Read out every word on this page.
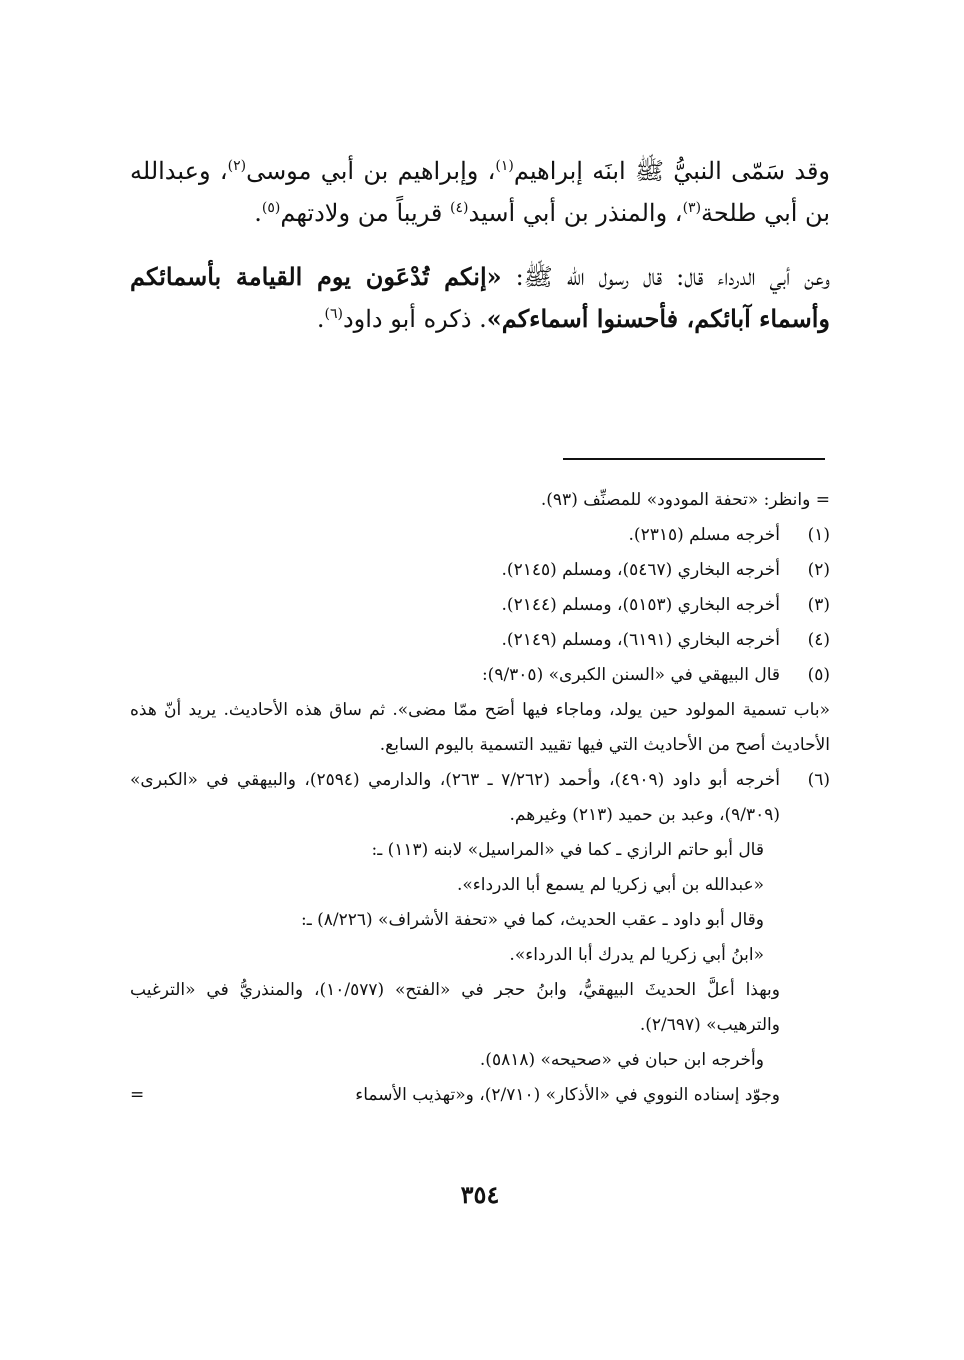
وقد سَمّى النبيُّ ﷺ ابنَه إبراهيم$^{(١)}$، وإبراهيم بن أبي موسى$^{(٢)}$، وعبدالله بن أبي طلحة$^{(٣)}$، والمنذر بن أبي أسيد$^{(٤)}$ قريباً من ولادتهم$^{(٥)}$.

وعن أبي الدرداء قال: قال رسول الله ﷺ: «إنكم تُدْعَون يوم القيامة بأسمائكم وأسماء آبائكم، فأحسنوا أسماءكم». ذكره أبو داود$^{(٦)}$.

= وانظر: «تحفة المودود» للمصنِّف (٩٣).
(١)
أخرجه مسلم (٢٣١٥).
(٢)
أخرجه البخاري (٥٤٦٧)، ومسلم (٢١٤٥).
(٣)
أخرجه البخاري (٥١٥٣)، ومسلم (٢١٤٤).
(٤)
أخرجه البخاري (٦١٩١)، ومسلم (٢١٤٩).
(٥)
قال البيهقي في «السنن الكبرى» (٩/٣٠٥):
«باب تسمية المولود حين يولد، وماجاء فيها أصَح ممّا مضى». ثم ساق هذه الأحاديث. يريد أنّ هذه الأحاديث أصح من الأحاديث التي فيها تقييد التسمية باليوم السابع.
(٦)
أخرجه أبو داود (٤٩٠٩)، وأحمد (٧/٢٦٢ ـ ٢٦٣)، والدارمي (٢٥٩٤)، والبيهقي في «الكبرى» (٩/٣٠٩)، وعبد بن حميد (٢١٣) وغيرهم.
قال أبو حاتم الرازي ـ كما في «المراسيل» لابنه (١١٣) ـ:
«عبدالله بن أبي زكريا لم يسمع أبا الدرداء».
وقال أبو داود ـ عقب الحديث، كما في «تحفة الأشراف» (٨/٢٢٦) ـ:
«ابنُ أبي زكريا لم يدرك أبا الدرداء».
وبهذا أعلَّ الحديثَ البيهقيُّ، وابنُ حجر في «الفتح» (١٠/٥٧٧)، والمنذريُّ في «الترغيب والترهيب» (٢/٦٩٧).
وأخرجه ابن حبان في «صحيحه» (٥٨١٨).
وجوّد إسناده النووي في «الأذكار» (٢/٧١٠)، و«تهذيب الأسماء
=
٣٥٤
